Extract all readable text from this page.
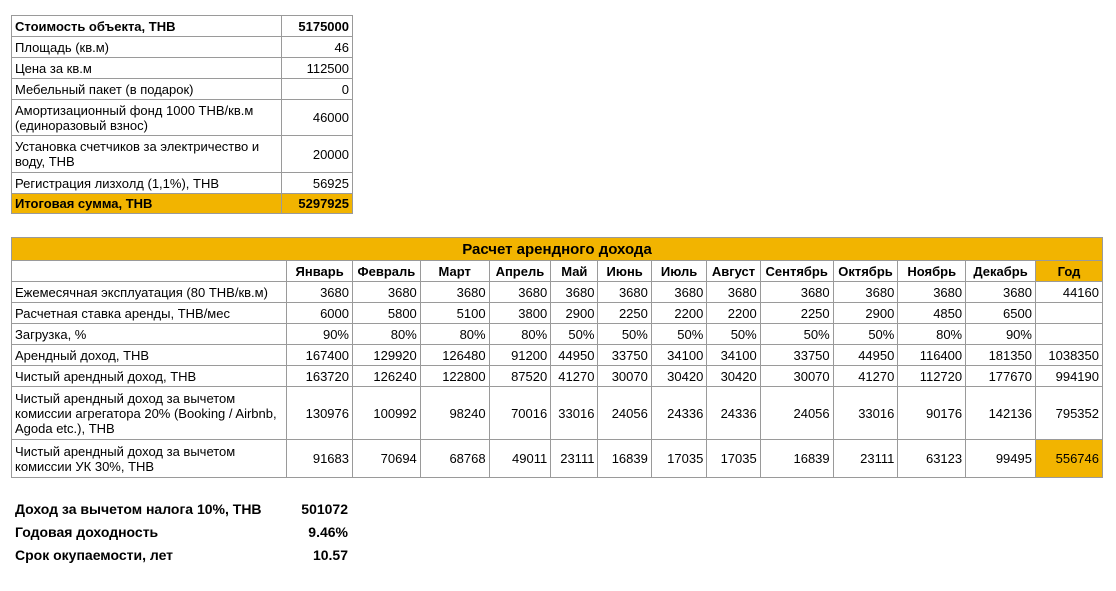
Стоимость объекта, ТНВ	5175000
Площадь (кв.м)	46
Цена за кв.м	112500
Мебельный пакет (в подарок)	0
Амортизационный фонд 1000 ТНВ/кв.м (единоразовый взнос)	46000
Установка счетчиков за электричество и воду, ТНВ	20000
Регистрация лизхолд (1,1%), ТНВ	56925
Итоговая сумма, ТНВ	5297925
Расчет арендного дохода													
	Январь	Февраль	Март	Апрель	Май	Июнь	Июль	Август	Сентябрь	Октябрь	Ноябрь	Декабрь	Год
Ежемесячная эксплуатация (80 ТНВ/кв.м)	3680	3680	3680	3680	3680	3680	3680	3680	3680	3680	3680	3680	44160
Расчетная ставка аренды, ТНВ/мес	6000	5800	5100	3800	2900	2250	2200	2200	2250	2900	4850	6500	
Загрузка, %	90%	80%	80%	80%	50%	50%	50%	50%	50%	50%	80%	90%	
Арендный доход, ТНВ	167400	129920	126480	91200	44950	33750	34100	34100	33750	44950	116400	181350	1038350
Чистый арендный доход, ТНВ	163720	126240	122800	87520	41270	30070	30420	30420	30070	41270	112720	177670	994190
Чистый арендный доход за вычетом комиссии агрегатора 20% (Booking / Airbnb, Agoda etc.), ТНВ	130976	100992	98240	70016	33016	24056	24336	24336	24056	33016	90176	142136	795352
Чистый арендный доход за вычетом комиссии УК 30%, ТНВ	91683	70694	68768	49011	23111	16839	17035	17035	16839	23111	63123	99495	556746
Доход за вычетом налога 10%, ТНВ	501072
Годовая доходность	9.46%
Срок окупаемости, лет	10.57
